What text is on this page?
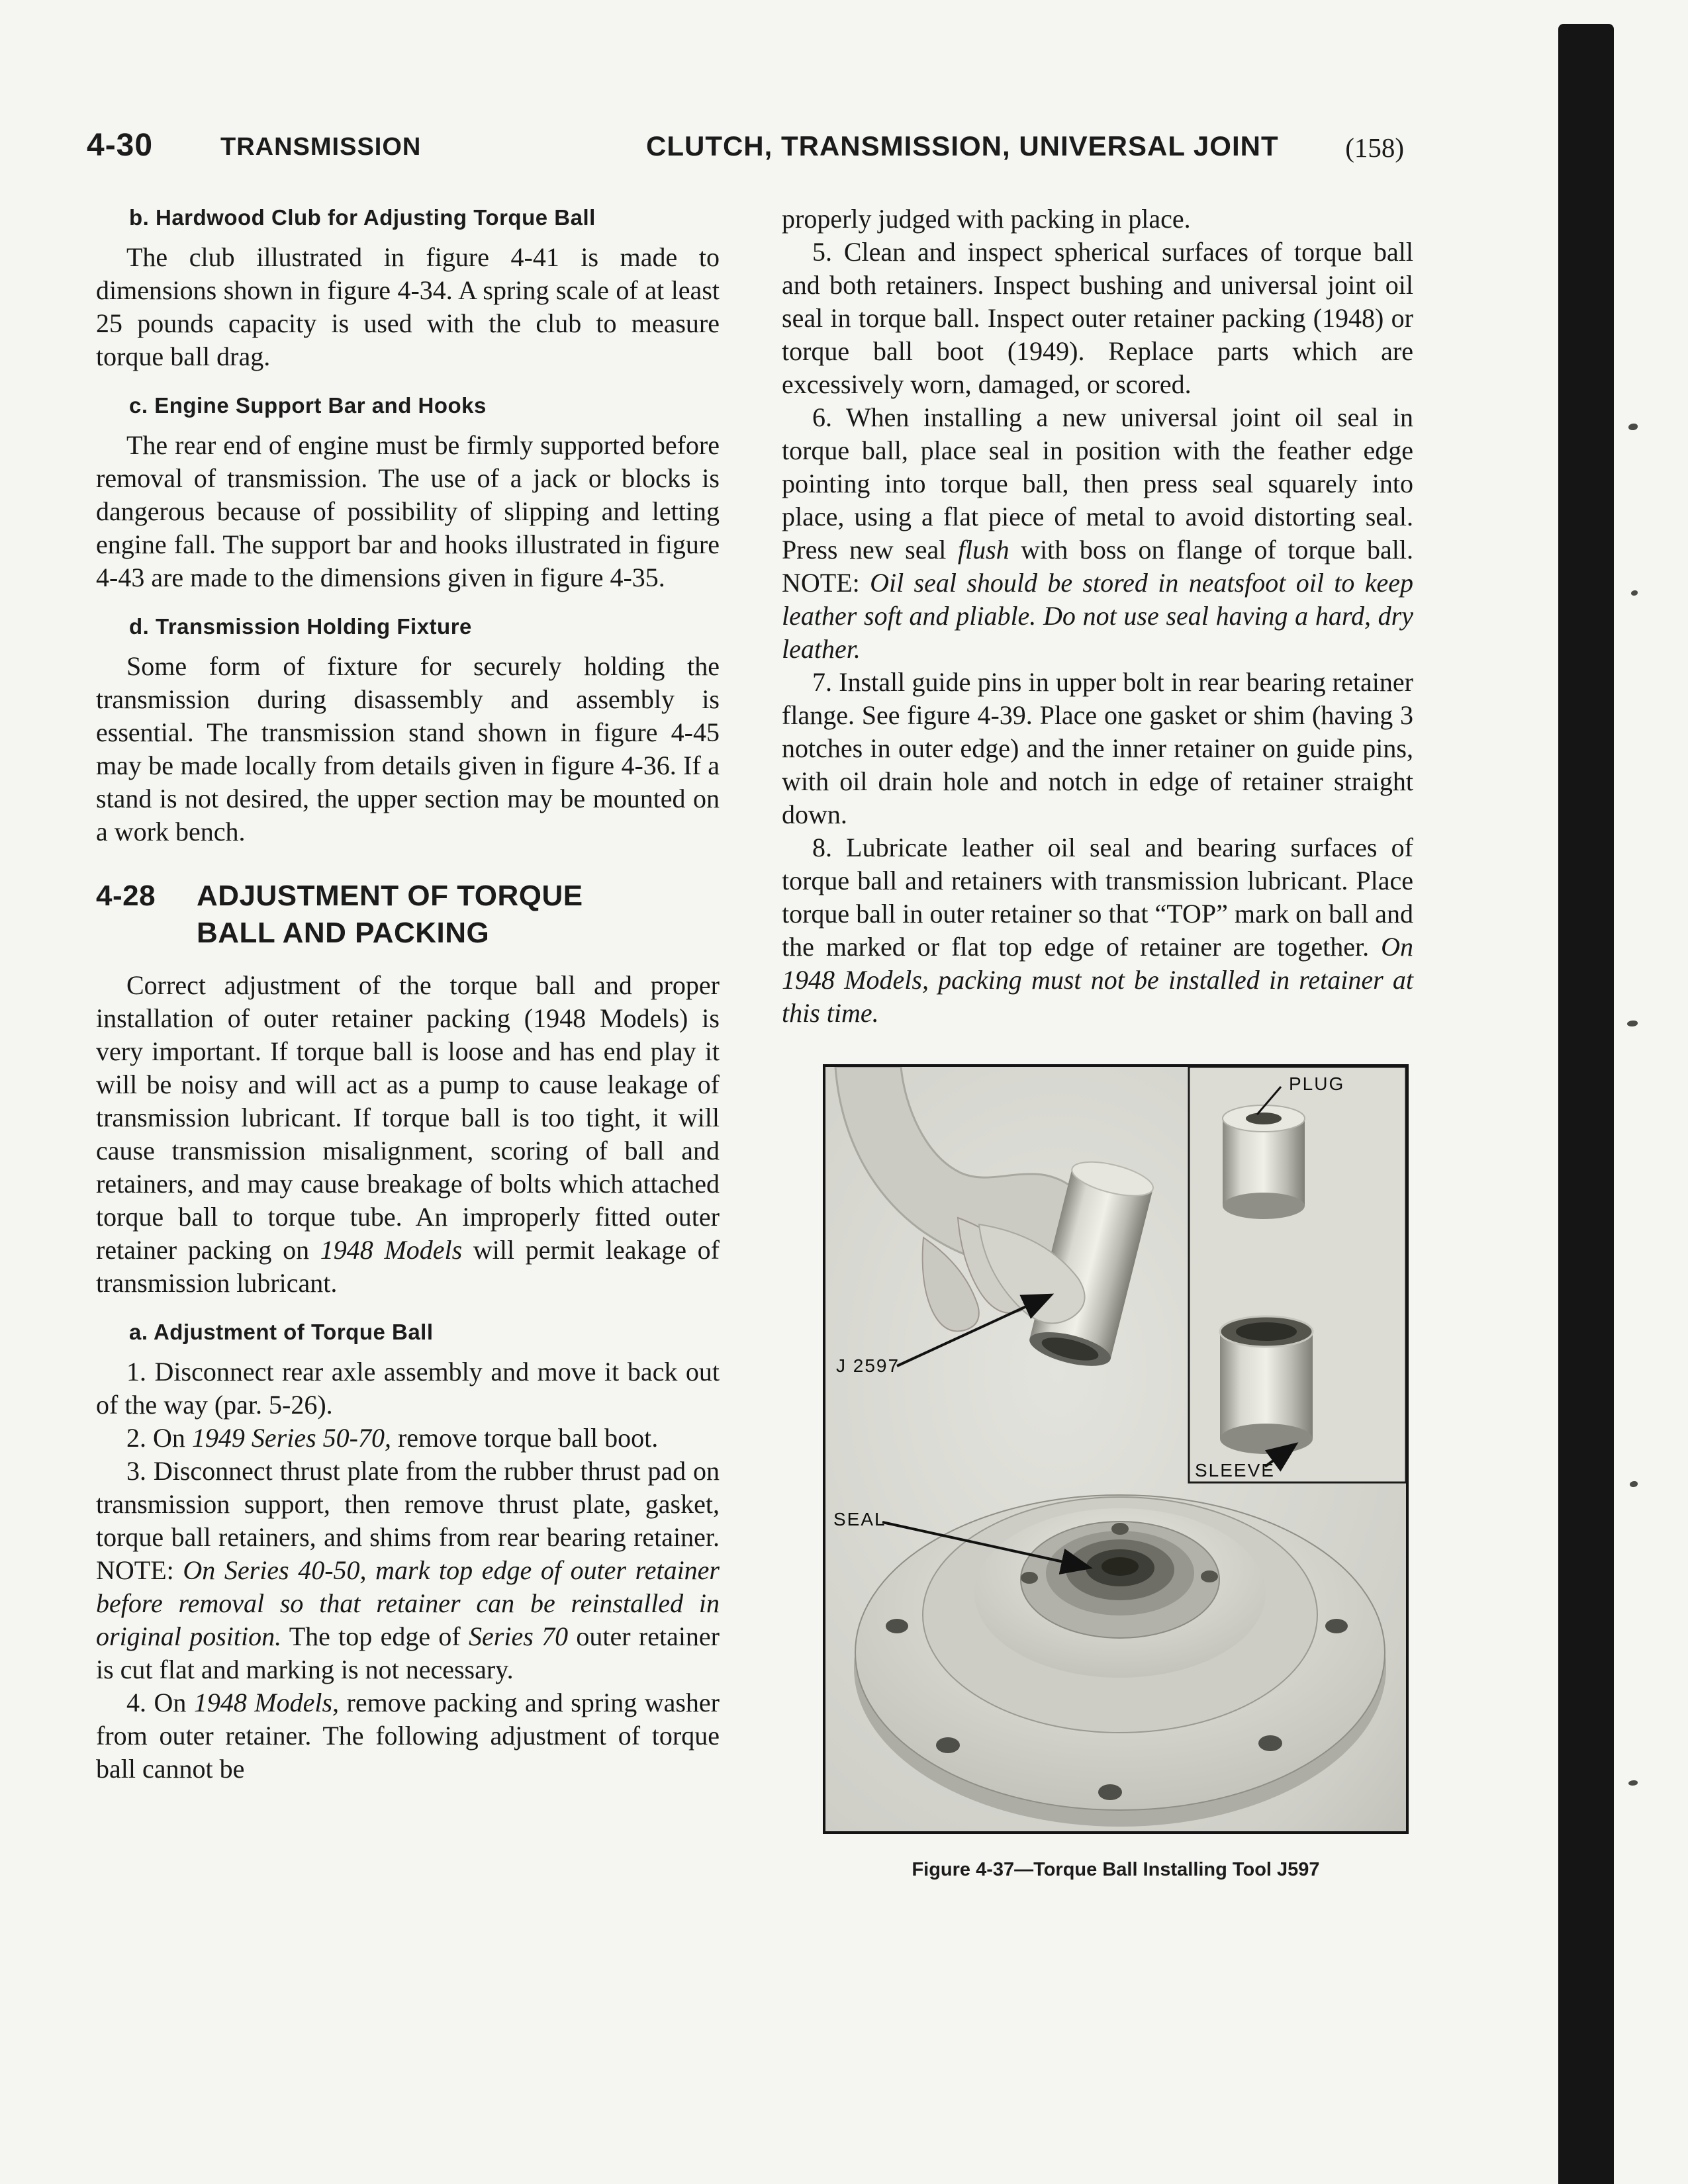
4-30	TRANSMISSION	CLUTCH, TRANSMISSION, UNIVERSAL JOINT (158)
b. Hardwood Club for Adjusting Torque Ball

The club illustrated in figure 4-41 is made to dimensions shown in figure 4-34. A spring scale of at least 25 pounds capacity is used with the club to measure torque ball drag.

c. Engine Support Bar and Hooks

The rear end of engine must be firmly supported before removal of transmission. The use of a jack or blocks is dangerous because of possibility of slipping and letting engine fall. The support bar and hooks illustrated in figure 4-43 are made to the dimensions given in figure 4-35.

d. Transmission Holding Fixture

Some form of fixture for securely holding the transmission during disassembly and assembly is essential. The transmission stand shown in figure 4-45 may be made locally from details given in figure 4-36. If a stand is not desired, the upper section may be mounted on a work bench.

4-28	ADJUSTMENT OF TORQUE BALL AND PACKING

Correct adjustment of the torque ball and proper installation of outer retainer packing (1948 Models) is very important. If torque ball is loose and has end play it will be noisy and will act as a pump to cause leakage of transmission lubricant. If torque ball is too tight, it will cause transmission misalignment, scoring of ball and retainers, and may cause breakage of bolts which attached torque ball to torque tube. An improperly fitted outer retainer packing on 1948 Models will permit leakage of transmission lubricant.

a. Adjustment of Torque Ball

1. Disconnect rear axle assembly and move it back out of the way (par. 5-26).

2. On 1949 Series 50-70, remove torque ball boot.

3. Disconnect thrust plate from the rubber thrust pad on transmission support, then remove thrust plate, gasket, torque ball retainers, and shims from rear bearing retainer. NOTE: On Series 40-50, mark top edge of outer retainer before removal so that retainer can be reinstalled in original position. The top edge of Series 70 outer retainer is cut flat and marking is not necessary.

4. On 1948 Models, remove packing and spring washer from outer retainer. The following adjustment of torque ball cannot be

properly judged with packing in place.

5. Clean and inspect spherical surfaces of torque ball and both retainers. Inspect bushing and universal joint oil seal in torque ball. Inspect outer retainer packing (1948) or torque ball boot (1949). Replace parts which are excessively worn, damaged, or scored.

6. When installing a new universal joint oil seal in torque ball, place seal in position with the feather edge pointing into torque ball, then press seal squarely into place, using a flat piece of metal to avoid distorting seal. Press new seal flush with boss on flange of torque ball. NOTE: Oil seal should be stored in neatsfoot oil to keep leather soft and pliable. Do not use seal having a hard, dry leather.

7. Install guide pins in upper bolt in rear bearing retainer flange. See figure 4-39. Place one gasket or shim (having 3 notches in outer edge) and the inner retainer on guide pins, with oil drain hole and notch in edge of retainer straight down.

8. Lubricate leather oil seal and bearing surfaces of torque ball and retainers with transmission lubricant. Place torque ball in outer retainer so that “TOP” mark on ball and the marked or flat top edge of retainer are together. On 1948 Models, packing must not be installed in retainer at this time.

PLUG
J 2597
SLEEVE
SEAL
Figure 4-37—Torque Ball Installing Tool J597
